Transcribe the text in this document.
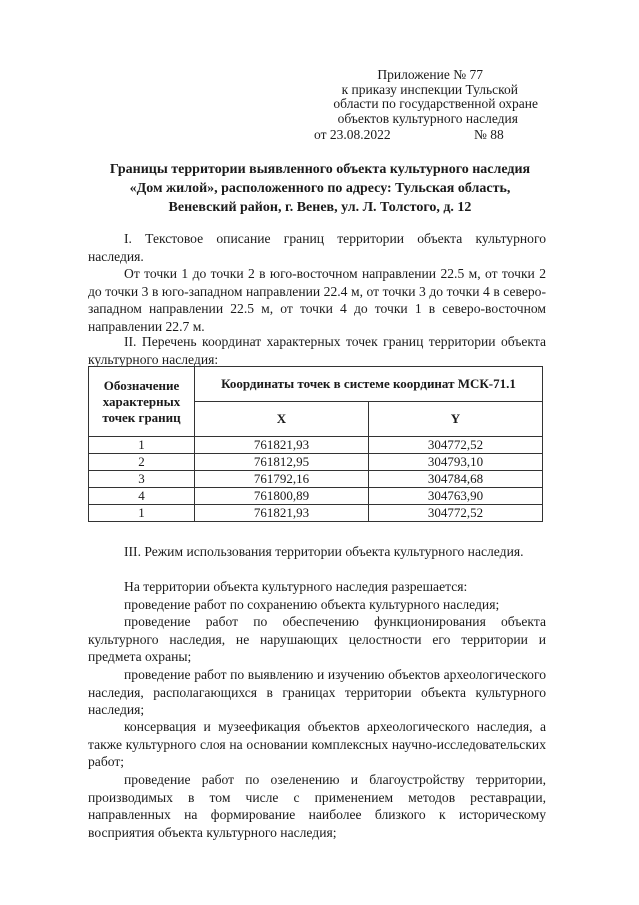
Приложение № 77
к приказу инспекции Тульской
области по государственной охране
объектов культурного наследия
от 23.08.2022	№ 88
Границы территории выявленного объекта культурного наследия
«Дом жилой», расположенного по адресу: Тульская область,
Веневский район, г. Венев, ул. Л. Толстого, д. 12
I. Текстовое описание границ территории объекта культурного наследия.
От точки 1 до точки 2 в юго-восточном направлении 22.5 м, от точки 2 до точки 3 в юго-западном направлении 22.4 м, от точки 3 до точки 4 в северо-западном направлении 22.5 м, от точки 4 до точки 1 в северо-восточном направлении 22.7 м.
II. Перечень координат характерных точек границ территории объекта культурного наследия:
Обозначение характерных точек границ	Координаты точек в системе координат МСК-71.1	
	X	Y
1	761821,93	304772,52
2	761812,95	304793,10
3	761792,16	304784,68
4	761800,89	304763,90
1	761821,93	304772,52
III. Режим использования территории объекта культурного наследия.
На территории объекта культурного наследия разрешается:
проведение работ по сохранению объекта культурного наследия;
проведение работ по обеспечению функционирования объекта культурного наследия, не нарушающих целостности его территории и предмета охраны;
проведение работ по выявлению и изучению объектов археологического наследия, располагающихся в границах территории объекта культурного наследия;
консервация и музеефикация объектов археологического наследия, а также культурного слоя на основании комплексных научно-исследовательских работ;
проведение работ по озеленению и благоустройству территории, производимых в том числе с применением методов реставрации, направленных на формирование наиболее близкого к историческому восприятия объекта культурного наследия;
